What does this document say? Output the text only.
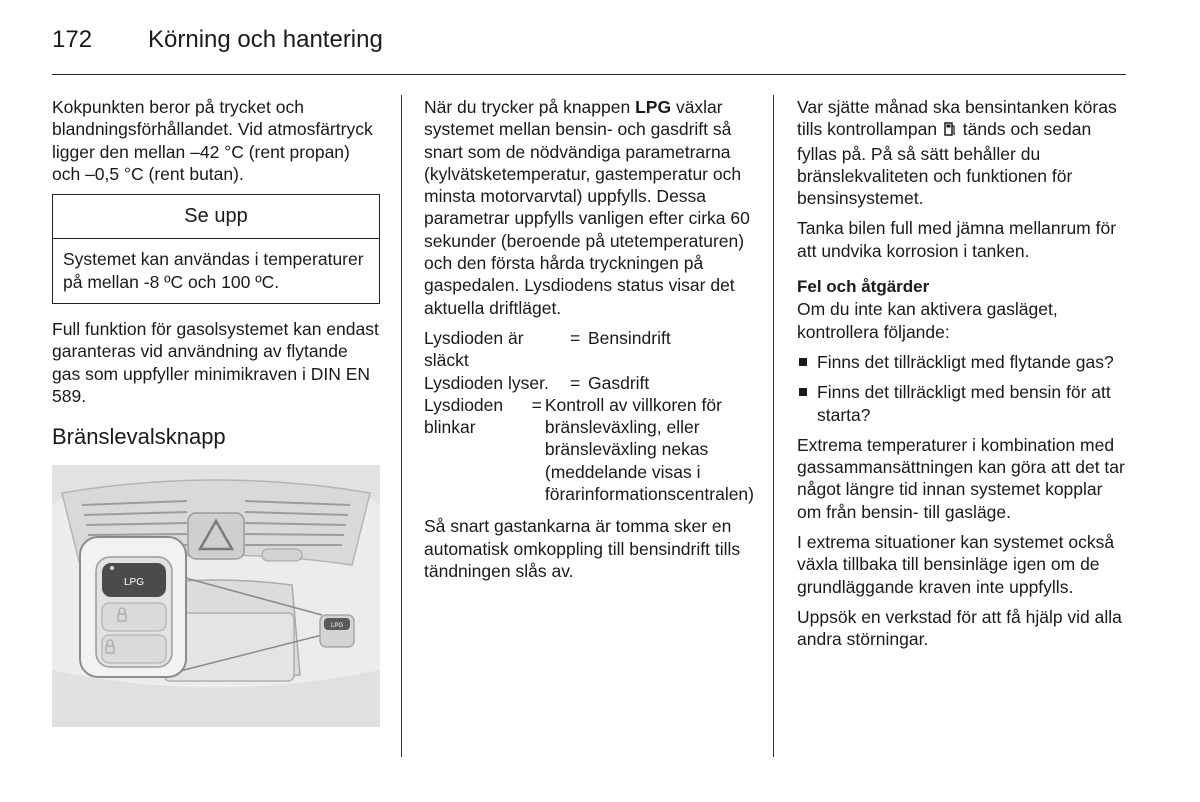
172 Körning och hantering

Kokpunkten beror på trycket och blandningsförhållandet. Vid atmosfärtryck ligger den mellan –42 °C (rent propan) och –0,5 °C (rent butan).

Se upp
Systemet kan användas i temperaturer på mellan -8 ºC och 100 ºC.

Full funktion för gasolsystemet kan endast garanteras vid användning av flytande gas som uppfyller minimikraven i DIN EN 589.

Bränslevalsknapp
LPG
LPG

När du trycker på knappen LPG växlar systemet mellan bensin- och gasdrift så snart som de nödvändiga parametrarna (kylvätsketemperatur, gastemperatur och minsta motorvarvtal) uppfylls. Dessa parametrar uppfylls vanligen efter cirka 60 sekunder (beroende på utetemperaturen) och den första hårda tryckningen på gaspedalen. Lysdiodens status visar det aktuella driftläget.

Lysdioden är släckt
= Bensindrift
Lysdioden lyser.	= Gasdrift
Lysdioden blinkar
= Kontroll av villkoren för bränsleväxling, eller bränsleväxling nekas (meddelande visas i förarinformationscentralen)

Så snart gastankarna är tomma sker en automatisk omkoppling till bensindrift tills tändningen slås av.

Var sjätte månad ska bensintanken köras tills kontrollampan  tänds och sedan fyllas på. På så sätt behåller du bränslekvaliteten och funktionen för bensinsystemet.

Tanka bilen full med jämna mellanrum för att undvika korrosion i tanken.

Fel och åtgärder

Om du inte kan aktivera gasläget, kontrollera följande:

Finns det tillräckligt med flytande gas?
Finns det tillräckligt med bensin för att starta?

Extrema temperaturer i kombination med gassammansättningen kan göra att det tar något längre tid innan systemet kopplar om från bensin- till gasläge.

I extrema situationer kan systemet också växla tillbaka till bensinläge igen om de grundläggande kraven inte uppfylls.

Uppsök en verkstad för att få hjälp vid alla andra störningar.
